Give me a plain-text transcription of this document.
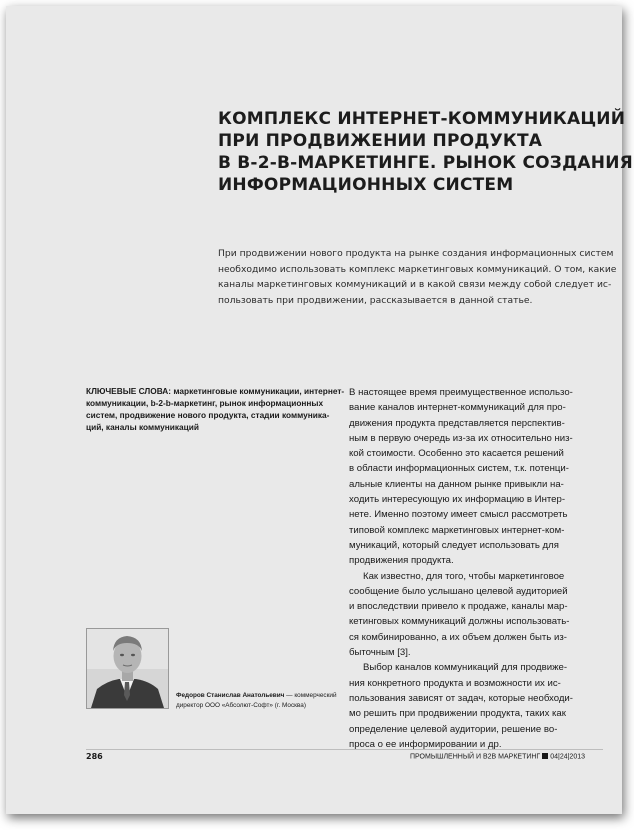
КОМПЛЕКС ИНТЕРНЕТ-КОММУНИКАЦИЙ
ПРИ ПРОДВИЖЕНИИ ПРОДУКТА
В B-2-B-МАРКЕТИНГЕ. РЫНОК СОЗДАНИЯ
ИНФОРМАЦИОННЫХ СИСТЕМ
При продвижении нового продукта на рынке создания информационных систем
необходимо использовать комплекс маркетинговых коммуникаций. О том, какие
каналы маркетинговых коммуникаций и в какой связи между собой следует ис-
пользовать при продвижении, рассказывается в данной статье.
КЛЮЧЕВЫЕ СЛОВА: маркетинговые коммуникации, интернет-
коммуникации, b-2-b-маркетинг, рынок информационных
систем, продвижение нового продукта, стадии коммуника-
ций, каналы коммуникаций
В настоящее время преимущественное использо-
вание каналов интернет-коммуникаций для про-
движения продукта представляется перспектив-
ным в первую очередь из-за их относительно низ-
кой стоимости. Особенно это касается решений
в области информационных систем, т.к. потенци-
альные клиенты на данном рынке привыкли на-
ходить интересующую их информацию в Интер-
нете. Именно поэтому имеет смысл рассмотреть
типовой комплекс маркетинговых интернет-ком-
муникаций, который следует использовать для
продвижения продукта.
Как известно, для того, чтобы маркетинговое
сообщение было услышано целевой аудиторией
и впоследствии привело к продаже, каналы мар-
кетинговых коммуникаций должны использовать-
ся комбинированно, а их объем должен быть из-
быточным [3].
Выбор каналов коммуникаций для продвиже-
ния конкретного продукта и возможности их ис-
пользования зависят от задач, которые необходи-
мо решить при продвижении продукта, таких как
определение целевой аудитории, решение во-
проса о ее информировании и др.
Федоров Станислав Анатольевич — коммерческий
директор ООО «Абсолют-Софт» (г. Москва)
286	ПРОМЫШЛЕННЫЙ И B2B МАРКЕТИНГ 04|24|2013
